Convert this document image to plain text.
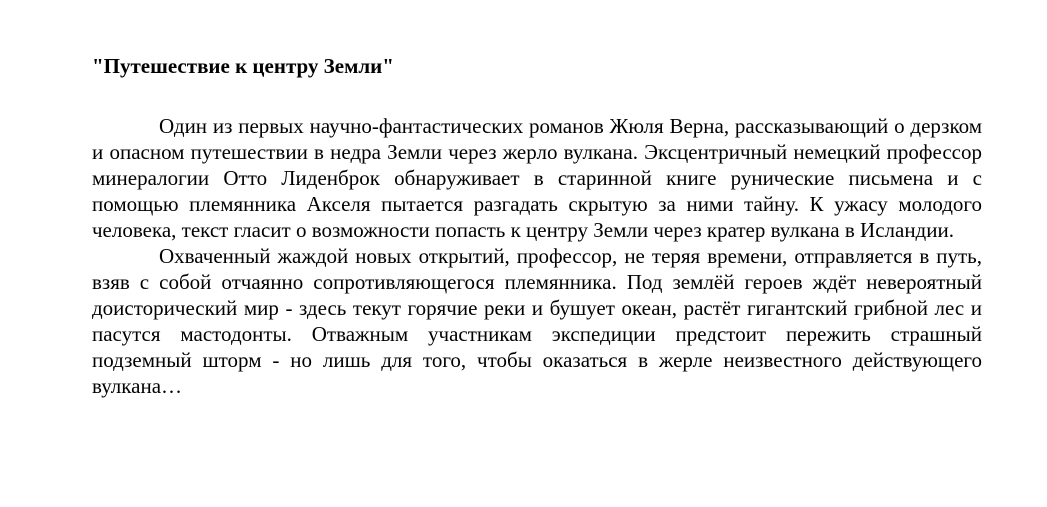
"Путешествие к центру Земли"

Один из первых научно-фантастических романов Жюля Верна, рассказывающий о дерзком и опасном путешествии в недра Земли через жерло вулкана. Эксцентричный немецкий профессор минералогии Отто Лиденброк обнаруживает в старинной книге рунические письмена и с помощью племянника Акселя пытается разгадать скрытую за ними тайну. К ужасу молодого человека, текст гласит о возможности попасть к центру Земли через кратер вулкана в Исландии.

Охваченный жаждой новых открытий, профессор, не теряя времени, отправляется в путь, взяв с собой отчаянно сопротивляющегося племянника. Под землёй героев ждёт невероятный доисторический мир - здесь текут горячие реки и бушует океан, растёт гигантский грибной лес и пасутся мастодонты. Отважным участникам экспедиции предстоит пережить страшный подземный шторм - но лишь для того, чтобы оказаться в жерле неизвестного действующего вулкана…
